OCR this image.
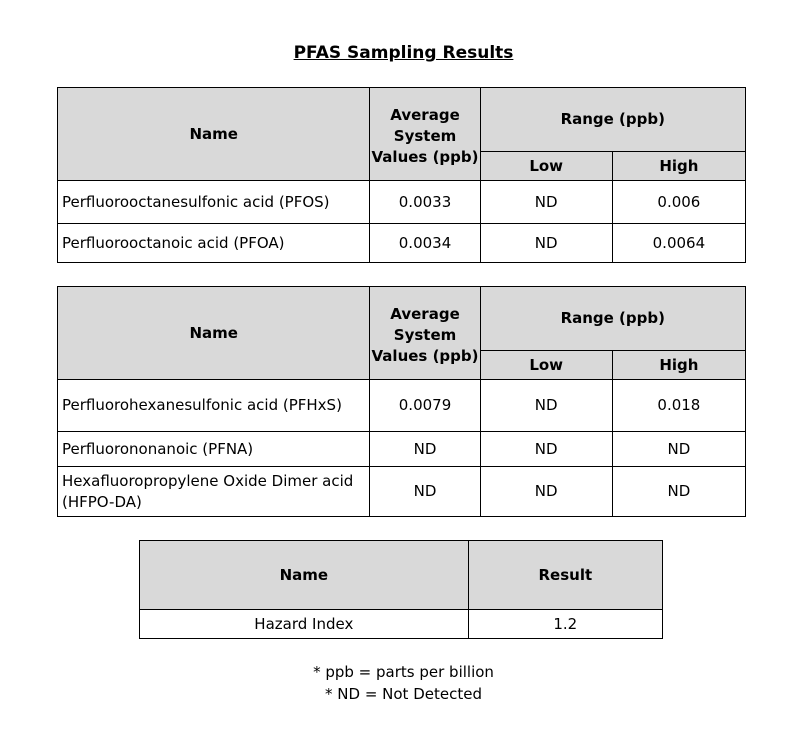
PFAS Sampling Results
Name	Average System Values (ppb)	Range (ppb)	
		Low	High
Perfluorooctanesulfonic acid (PFOS)	0.0033	ND	0.006
Perfluorooctanoic acid (PFOA)	0.0034	ND	0.0064
Name	Average System Values (ppb)	Range (ppb)	
		Low	High
Perfluorohexanesulfonic acid (PFHxS)	0.0079	ND	0.018
Perfluorononanoic (PFNA)	ND	ND	ND
Hexafluoropropylene Oxide Dimer acid (HFPO-DA)	ND	ND	ND
Name	Result
Hazard Index	1.2
* ppb = parts per billion
* ND = Not Detected
